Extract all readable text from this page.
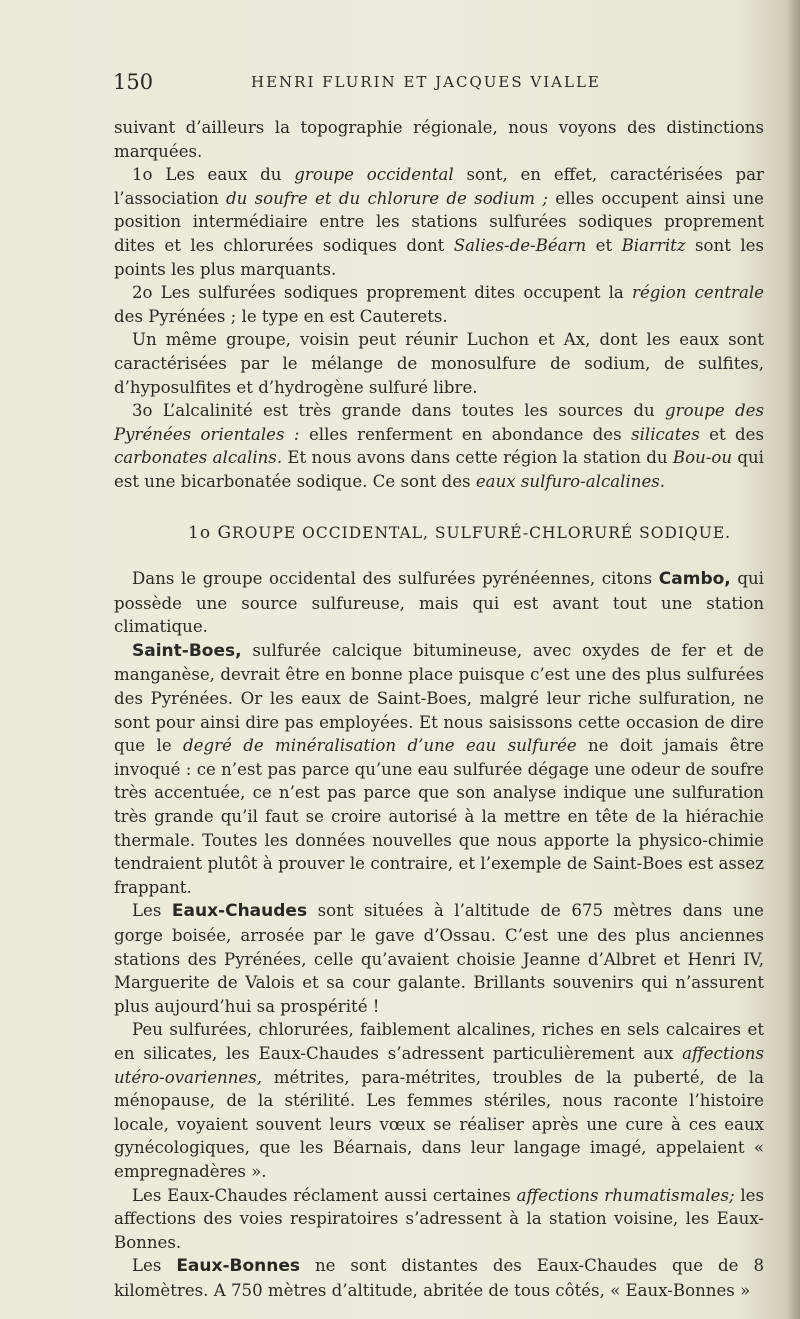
150	HENRI FLURIN ET JACQUES VIALLE

suivant d’ailleurs la topographie régionale, nous voyons des distinctions marquées.

1o Les eaux du groupe occidental sont, en effet, caractérisées par l’association du soufre et du chlorure de sodium ; elles occupent ainsi une position intermédiaire entre les stations sulfurées sodiques proprement dites et les chlorurées sodiques dont Salies-de-Béarn et Biarritz sont les points les plus marquants.

2o Les sulfurées sodiques proprement dites occupent la région centrale des Pyrénées ; le type en est Cauterets.

Un même groupe, voisin peut réunir Luchon et Ax, dont les eaux sont caractérisées par le mélange de monosulfure de sodium, de sulfites, d’hyposulfites et d’hydrogène sulfuré libre.

3o L’alcalinité est très grande dans toutes les sources du groupe des Pyrénées orientales : elles renferment en abondance des silicates et des carbonates alcalins. Et nous avons dans cette région la station du Bou-ou qui est une bicarbonatée sodique. Ce sont des eaux sulfuro-alcalines.

1o GROUPE OCCIDENTAL, SULFURÉ-CHLORURÉ SODIQUE.

Dans le groupe occidental des sulfurées pyrénéennes, citons Cambo, qui possède une source sulfureuse, mais qui est avant tout une station climatique.

Saint-Boes, sulfurée calcique bitumineuse, avec oxydes de fer et de manganèse, devrait être en bonne place puisque c’est une des plus sulfurées des Pyrénées. Or les eaux de Saint-Boes, malgré leur riche sulfuration, ne sont pour ainsi dire pas employées. Et nous saisissons cette occasion de dire que le degré de minéralisation d’une eau sulfurée ne doit jamais être invoqué : ce n’est pas parce qu’une eau sulfurée dégage une odeur de soufre très accentuée, ce n’est pas parce que son analyse indique une sulfuration très grande qu’il faut se croire autorisé à la mettre en tête de la hiérachie thermale. Toutes les données nouvelles que nous apporte la physico-chimie tendraient plutôt à prouver le contraire, et l’exemple de Saint-Boes est assez frappant.

Les Eaux-Chaudes sont situées à l’altitude de 675 mètres dans une gorge boisée, arrosée par le gave d’Ossau. C’est une des plus anciennes stations des Pyrénées, celle qu’avaient choisie Jeanne d’Albret et Henri IV, Marguerite de Valois et sa cour galante. Brillants souvenirs qui n’assurent plus aujourd’hui sa prospérité !

Peu sulfurées, chlorurées, faiblement alcalines, riches en sels calcaires et en silicates, les Eaux-Chaudes s’adressent particulièrement aux affections utéro-ovariennes, métrites, para-métrites, troubles de la puberté, de la ménopause, de la stérilité. Les femmes stériles, nous raconte l’histoire locale, voyaient souvent leurs vœux se réaliser après une cure à ces eaux gynécologiques, que les Béarnais, dans leur langage imagé, appelaient « empregnadères ».

Les Eaux-Chaudes réclament aussi certaines affections rhumatismales; les affections des voies respiratoires s’adressent à la station voisine, les Eaux-Bonnes.

Les Eaux-Bonnes ne sont distantes des Eaux-Chaudes que de 8 kilomètres. A 750 mètres d’altitude, abritée de tous côtés, « Eaux-Bonnes »
